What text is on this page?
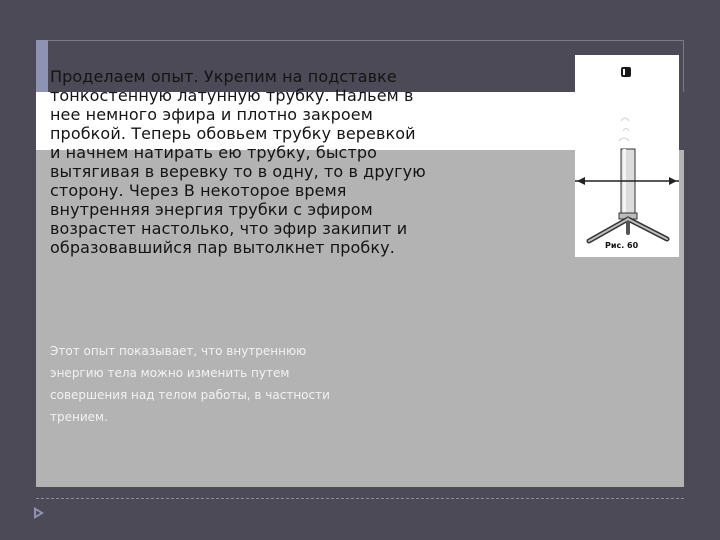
Проделаем опыт. Укрепим на подставке
тонкостенную латунную трубку. Нальем в
нее немного эфира и плотно закроем
пробкой. Теперь обовьем трубку веревкой
и начнем натирать ею трубку, быстро
вытягивая в веревку то в одну, то в другую
сторону. Через В некоторое время
внутренняя энергия трубки с эфиром
возрастет настолько, что эфир закипит и
образовавшийся пар вытолкнет пробку.
Этот опыт показывает, что внутреннюю
энергию тела можно изменить путем
совершения над телом работы, в частности
трением.
Рис. 60
